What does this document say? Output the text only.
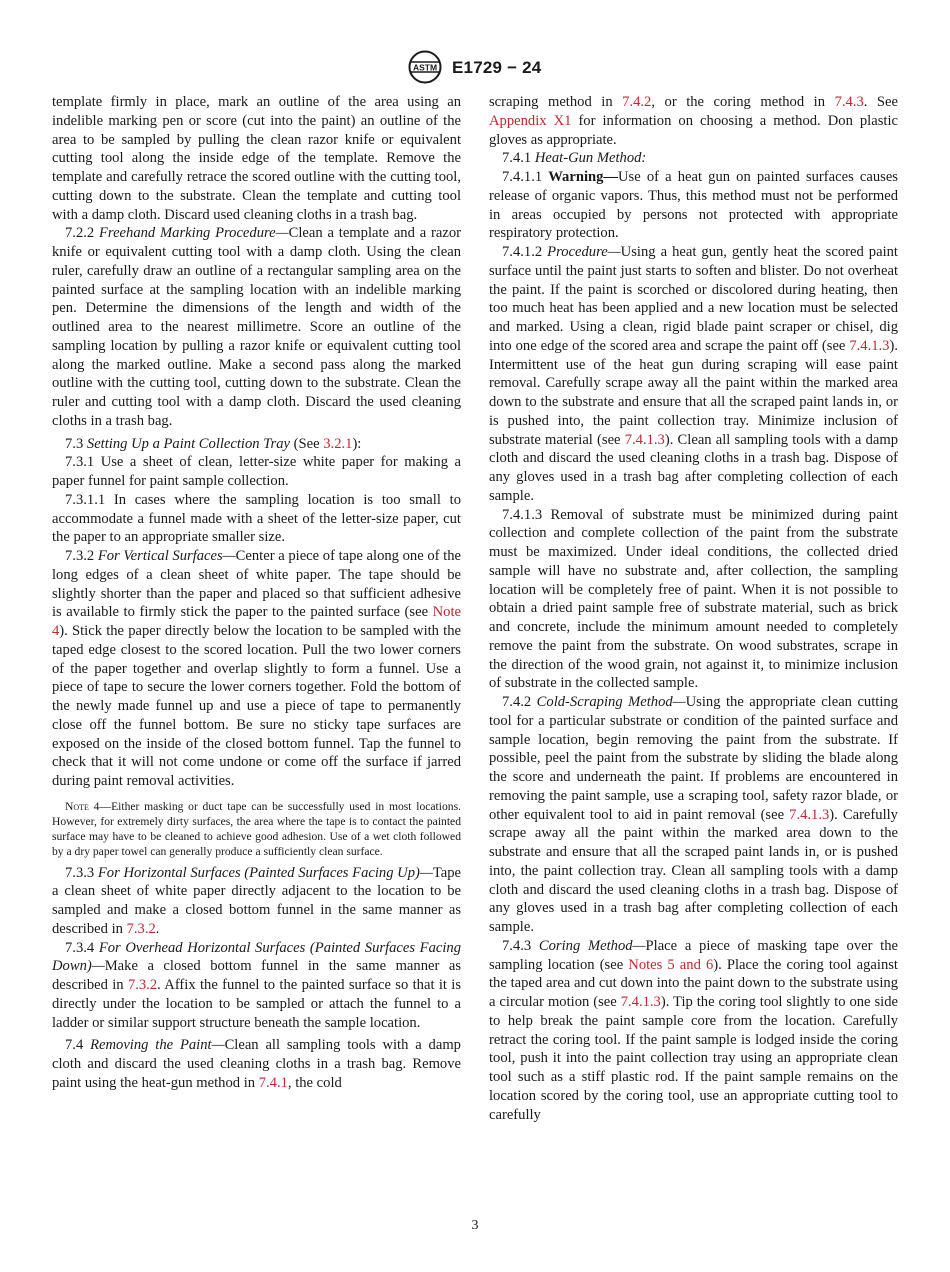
ASTM E1729 − 24

template firmly in place, mark an outline of the area using an indelible marking pen or score (cut into the paint) an outline of the area to be sampled by pulling the clean razor knife or equivalent cutting tool along the inside edge of the template. Remove the template and carefully retrace the scored outline with the cutting tool, cutting down to the substrate. Clean the template and cutting tool with a damp cloth. Discard used cleaning cloths in a trash bag.

7.2.2 Freehand Marking Procedure—Clean a template and a razor knife or equivalent cutting tool with a damp cloth. Using the clean ruler, carefully draw an outline of a rectangular sampling area on the painted surface at the sampling location with an indelible marking pen. Determine the dimensions of the length and width of the outlined area to the nearest millimetre. Score an outline of the sampling location by pulling a razor knife or equivalent cutting tool along the marked outline. Make a second pass along the marked outline with the cutting tool, cutting down to the substrate. Clean the ruler and cutting tool with a damp cloth. Discard the used cleaning cloths in a trash bag.

7.3 Setting Up a Paint Collection Tray (See 3.2.1):

7.3.1 Use a sheet of clean, letter-size white paper for making a paper funnel for paint sample collection.

7.3.1.1 In cases where the sampling location is too small to accommodate a funnel made with a sheet of the letter-size paper, cut the paper to an appropriate smaller size.

7.3.2 For Vertical Surfaces—Center a piece of tape along one of the long edges of a clean sheet of white paper. The tape should be slightly shorter than the paper and placed so that sufficient adhesive is available to firmly stick the paper to the painted surface (see Note 4). Stick the paper directly below the location to be sampled with the taped edge closest to the scored location. Pull the two lower corners of the paper together and overlap slightly to form a funnel. Use a piece of tape to secure the lower corners together. Fold the bottom of the newly made funnel up and use a piece of tape to permanently close off the funnel bottom. Be sure no sticky tape surfaces are exposed on the inside of the closed bottom funnel. Tap the funnel to check that it will not come undone or come off the surface if jarred during paint removal activities.

Note 4—Either masking or duct tape can be successfully used in most locations. However, for extremely dirty surfaces, the area where the tape is to contact the painted surface may have to be cleaned to achieve good adhesion. Use of a wet cloth followed by a dry paper towel can generally produce a sufficiently clean surface.

7.3.3 For Horizontal Surfaces (Painted Surfaces Facing Up)—Tape a clean sheet of white paper directly adjacent to the location to be sampled and make a closed bottom funnel in the same manner as described in 7.3.2.

7.3.4 For Overhead Horizontal Surfaces (Painted Surfaces Facing Down)—Make a closed bottom funnel in the same manner as described in 7.3.2. Affix the funnel to the painted surface so that it is directly under the location to be sampled or attach the funnel to a ladder or similar support structure beneath the sample location.

7.4 Removing the Paint—Clean all sampling tools with a damp cloth and discard the used cleaning cloths in a trash bag. Remove paint using the heat-gun method in 7.4.1, the cold

scraping method in 7.4.2, or the coring method in 7.4.3. See Appendix X1 for information on choosing a method. Don plastic gloves as appropriate.

7.4.1 Heat-Gun Method:

7.4.1.1 Warning—Use of a heat gun on painted surfaces causes release of organic vapors. Thus, this method must not be performed in areas occupied by persons not protected with appropriate respiratory protection.

7.4.1.2 Procedure—Using a heat gun, gently heat the scored paint surface until the paint just starts to soften and blister. Do not overheat the paint. If the paint is scorched or discolored during heating, then too much heat has been applied and a new location must be selected and marked. Using a clean, rigid blade paint scraper or chisel, dig into one edge of the scored area and scrape the paint off (see 7.4.1.3). Intermittent use of the heat gun during scraping will ease paint removal. Carefully scrape away all the paint within the marked area down to the substrate and ensure that all the scraped paint lands in, or is pushed into, the paint collection tray. Minimize inclusion of substrate material (see 7.4.1.3). Clean all sampling tools with a damp cloth and discard the used cleaning cloths in a trash bag. Dispose of any gloves used in a trash bag after completing collection of each sample.

7.4.1.3 Removal of substrate must be minimized during paint collection and complete collection of the paint from the substrate must be maximized. Under ideal conditions, the collected dried sample will have no substrate and, after collection, the sampling location will be completely free of paint. When it is not possible to obtain a dried paint sample free of substrate material, such as brick and concrete, include the minimum amount needed to completely remove the paint from the substrate. On wood substrates, scrape in the direction of the wood grain, not against it, to minimize inclusion of substrate in the collected sample.

7.4.2 Cold-Scraping Method—Using the appropriate clean cutting tool for a particular substrate or condition of the painted surface and sample location, begin removing the paint from the substrate. If possible, peel the paint from the substrate by sliding the blade along the score and underneath the paint. If problems are encountered in removing the paint sample, use a scraping tool, safety razor blade, or other equivalent tool to aid in paint removal (see 7.4.1.3). Carefully scrape away all the paint within the marked area down to the substrate and ensure that all the scraped paint lands in, or is pushed into, the paint collection tray. Clean all sampling tools with a damp cloth and discard the used cleaning cloths in a trash bag. Dispose of any gloves used in a trash bag after completing collection of each sample.

7.4.3 Coring Method—Place a piece of masking tape over the sampling location (see Notes 5 and 6). Place the coring tool against the taped area and cut down into the paint down to the substrate using a circular motion (see 7.4.1.3). Tip the coring tool slightly to one side to help break the paint sample core from the location. Carefully retract the coring tool. If the paint sample is lodged inside the coring tool, push it into the paint collection tray using an appropriate clean tool such as a stiff plastic rod. If the paint sample remains on the location scored by the coring tool, use an appropriate cutting tool to carefully

3
